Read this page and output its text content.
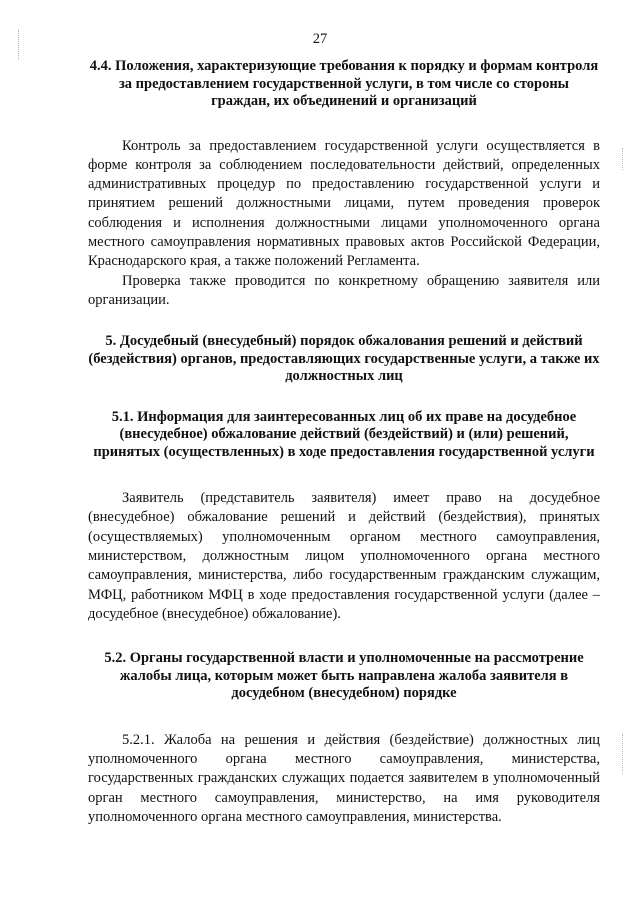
27
4.4. Положения, характеризующие требования к порядку и формам контроля за предоставлением государственной услуги, в том числе со стороны граждан, их объединений и организаций

Контроль за предоставлением государственной услуги осуществляется в форме контроля за соблюдением последовательности действий, определенных административных процедур по предоставлению государственной услуги и принятием решений должностными лицами, путем проведения проверок соблюдения и исполнения должностными лицами уполномоченного органа местного самоуправления нормативных правовых актов Российской Федерации, Краснодарского края, а также положений Регламента.

Проверка также проводится по конкретному обращению заявителя или организации.

5. Досудебный (внесудебный) порядок обжалования решений и действий (бездействия) органов, предоставляющих государственные услуги, а также их должностных лиц
5.1. Информация для заинтересованных лиц об их праве на досудебное (внесудебное) обжалование действий (бездействий) и (или) решений, принятых (осуществленных) в ходе предоставления государственной услуги

Заявитель (представитель заявителя) имеет право на досудебное (внесудебное) обжалование решений и действий (бездействия), принятых (осуществляемых) уполномоченным органом местного самоуправления, министерством, должностным лицом уполномоченного органа местного самоуправления, министерства, либо государственным гражданским служащим, МФЦ, работником МФЦ в ходе предоставления государственной услуги (далее – досудебное (внесудебное) обжалование).

5.2. Органы государственной власти и уполномоченные на рассмотрение жалобы лица, которым может быть направлена жалоба заявителя в досудебном (внесудебном) порядке

5.2.1. Жалоба на решения и действия (бездействие) должностных лиц уполномоченного органа местного самоуправления, министерства, государственных гражданских служащих подается заявителем в уполномоченный орган местного самоуправления, министерство, на имя руководителя уполномоченного органа местного самоуправления, министерства.
